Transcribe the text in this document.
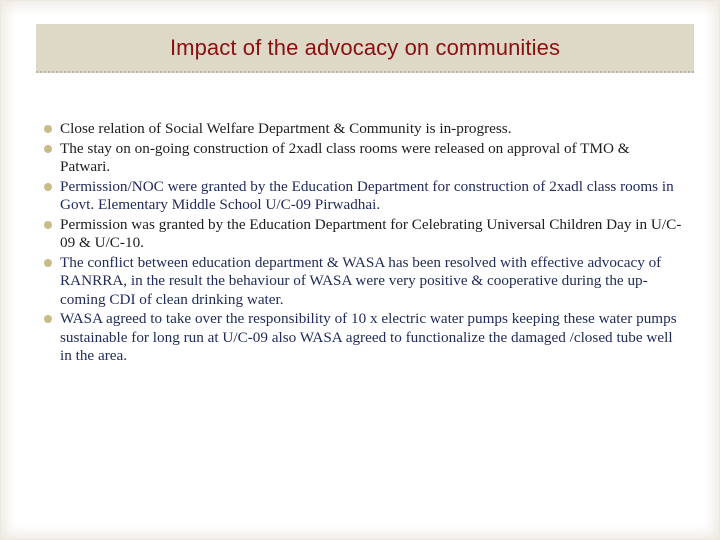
Impact of the advocacy on communities
Close relation of Social Welfare Department & Community is in-progress.
The stay on on-going construction of 2xadl class rooms were released on approval of TMO & Patwari.
Permission/NOC were granted by the Education Department for construction of 2xadl class rooms in Govt. Elementary Middle School U/C-09 Pirwadhai.
Permission was granted by the Education Department for Celebrating Universal Children Day in U/C-09 & U/C-10.
The conflict between education department & WASA has been resolved with effective advocacy of RANRRA, in the result the behaviour of WASA were very positive & cooperative during the up-coming CDI of clean drinking water.
WASA agreed to take over the responsibility of 10 x electric water pumps keeping these water pumps sustainable for long run at U/C-09 also WASA agreed to functionalize the damaged /closed tube well in the area.
